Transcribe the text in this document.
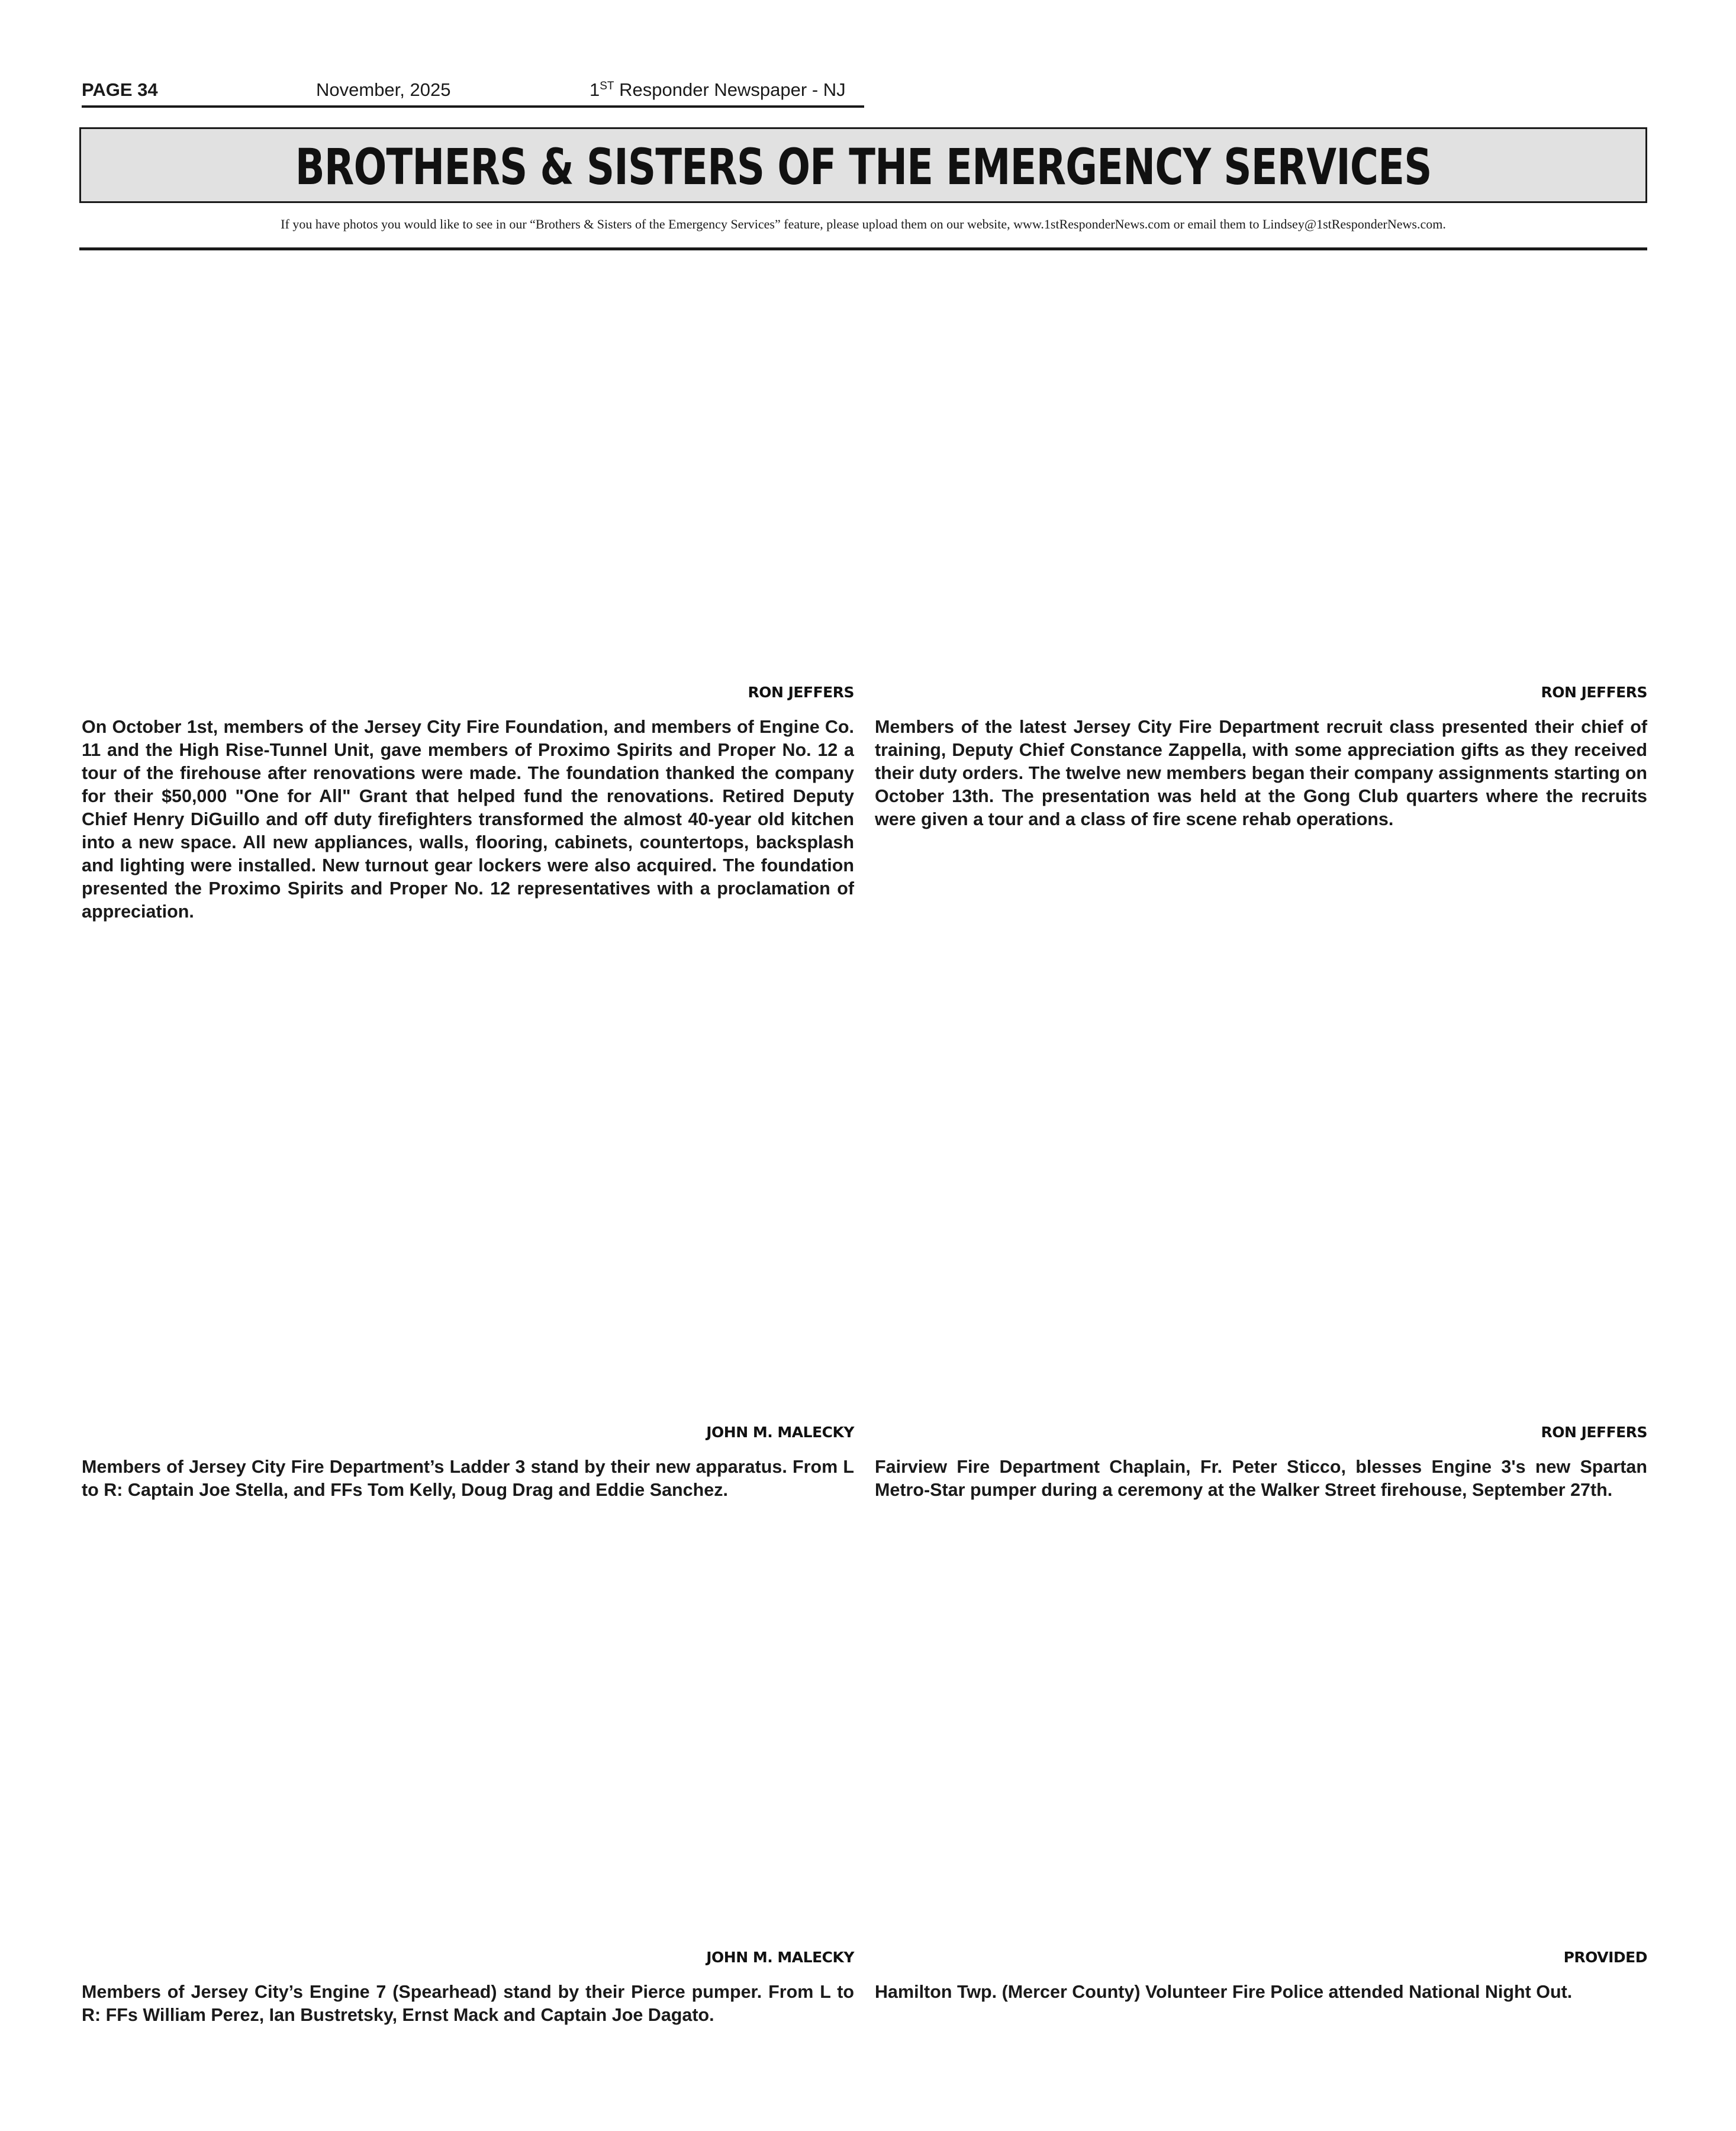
PAGE 34	November, 2025	1ST Responder Newspaper - NJ
BROTHERS & SISTERS OF THE EMERGENCY SERVICES
If you have photos you would like to see in our “Brothers & Sisters of the Emergency Services” feature, please upload them on our website, www.1stResponderNews.com or email them to Lindsey@1stResponderNews.com.
RON JEFFERS
On October 1st, members of the Jersey City Fire Foundation, and members of Engine Co. 11 and the High Rise-Tunnel Unit, gave members of Proximo Spirits and Proper No. 12 a tour of the firehouse after renovations were made. The foundation thanked the company for their $50,000 "One for All" Grant that helped fund the renovations. Retired Deputy Chief Henry DiGuillo and off duty firefighters transformed the almost 40-year old kitchen into a new space. All new appliances, walls, flooring, cabinets, countertops, backsplash and lighting were installed. New turnout gear lockers were also acquired. The foundation presented the Proximo Spirits and Proper No. 12 representatives with a proclamation of appreciation.
RON JEFFERS
Members of the latest Jersey City Fire Department recruit class presented their chief of training, Deputy Chief Constance Zappella, with some appreciation gifts as they received their duty orders. The twelve new members began their company assignments starting on October 13th. The presentation was held at the Gong Club quarters where the recruits were given a tour and a class of fire scene rehab operations.
JOHN M. MALECKY
Members of Jersey City Fire Department’s Ladder 3 stand by their new apparatus. From L to R: Captain Joe Stella, and FFs Tom Kelly, Doug Drag and Eddie Sanchez.
RON JEFFERS
Fairview Fire Department Chaplain, Fr. Peter Sticco, blesses Engine 3's new Spartan Metro-Star pumper during a ceremony at the Walker Street firehouse, September 27th.
JOHN M. MALECKY
Members of Jersey City’s Engine 7 (Spearhead) stand by their Pierce pumper. From L to R: FFs William Perez, Ian Bustretsky, Ernst Mack and Captain Joe Dagato.
PROVIDED
Hamilton Twp. (Mercer County) Volunteer Fire Police attended National Night Out.
